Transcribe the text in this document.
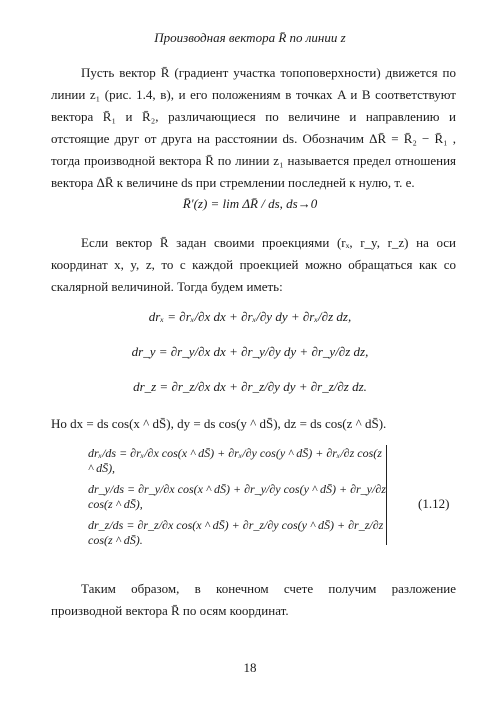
Производная вектора R̄ по линии z
Пусть вектор R̄ (градиент участка топоповерхности) движется по линии z₁ (рис. 1.4, в), и его положениям в точках A и B соответствуют вектора R̄₁ и R̄₂, различающиеся по величине и направлению и отстоящие друг от друга на расстоянии ds. Обозначим ΔR̄ = R̄₂ − R̄₁ , тогда производной вектора R̄ по линии z₁ называется предел отношения вектора ΔR̄ к величине ds при стремлении последней к нулю, т. е.
R̄′(z) = lim ΔR̄ / ds, ds→0
Если вектор R̄ задан своими проекциями (rₓ, r_y, r_z) на оси координат x, y, z, то с каждой проекцией можно обращаться как со скалярной величиной. Тогда будем иметь:
drₓ = ∂rₓ/∂x dx + ∂rₓ/∂y dy + ∂rₓ/∂z dz,
dr_y = ∂r_y/∂x dx + ∂r_y/∂y dy + ∂r_y/∂z dz,
dr_z = ∂r_z/∂x dx + ∂r_z/∂y dy + ∂r_z/∂z dz.
Но dx = ds cos(x ^ dS̄), dy = ds cos(y ^ dS̄), dz = ds cos(z ^ dS̄).
drₓ/ds = ∂rₓ/∂x cos(x ^ dS̄) + ∂rₓ/∂y cos(y ^ dS̄) + ∂rₓ/∂z cos(z ^ dS̄),
dr_y/ds = ∂r_y/∂x cos(x ^ dS̄) + ∂r_y/∂y cos(y ^ dS̄) + ∂r_y/∂z cos(z ^ dS̄),
dr_z/ds = ∂r_z/∂x cos(x ^ dS̄) + ∂r_z/∂y cos(y ^ dS̄) + ∂r_z/∂z cos(z ^ dS̄).
(1.12)
Таким образом, в конечном счете получим разложение производной вектора R̄ по осям координат.
18
